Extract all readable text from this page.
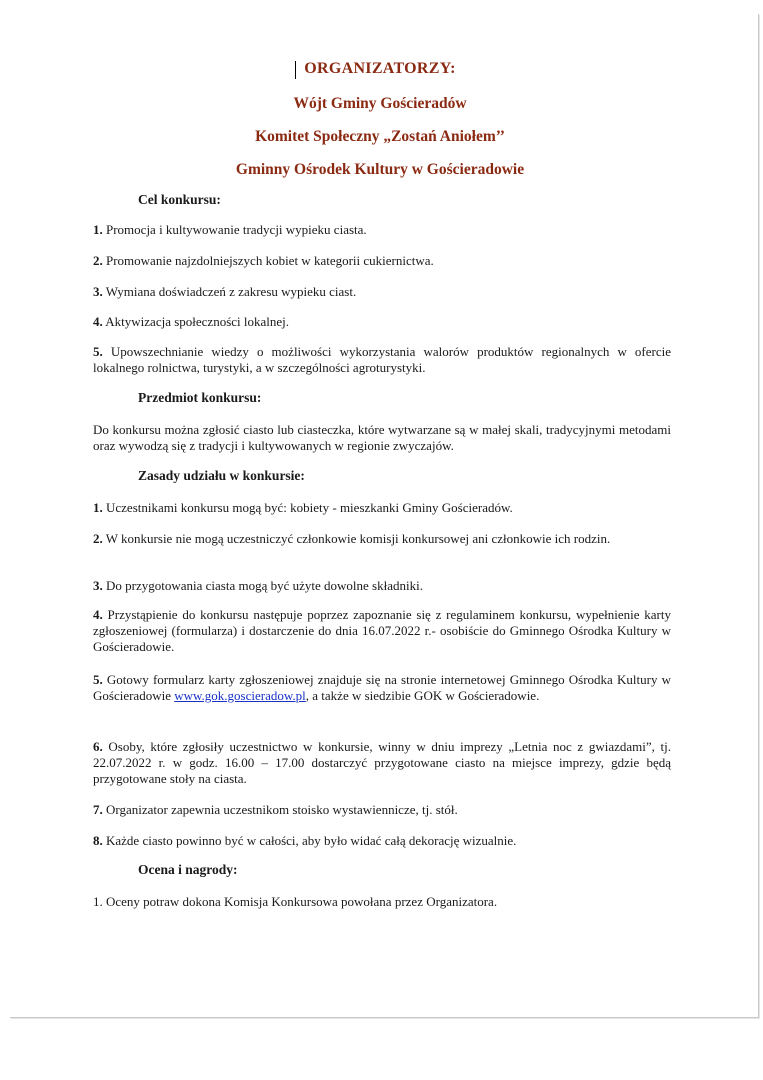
ORGANIZATORZY:
Wójt Gminy Gościeradów
Komitet Społeczny „Zostań Aniołem’’
Gminny Ośrodek Kultury w Gościeradowie
Cel konkursu:
1. Promocja i kultywowanie tradycji wypieku ciasta.
2. Promowanie najzdolniejszych kobiet w kategorii cukiernictwa.
3. Wymiana doświadczeń z zakresu wypieku ciast.
4. Aktywizacja społeczności lokalnej.
5. Upowszechnianie wiedzy o możliwości wykorzystania walorów produktów regionalnych w ofercie lokalnego rolnictwa, turystyki, a w szczególności agroturystyki.
Przedmiot konkursu:
Do konkursu można zgłosić ciasto lub ciasteczka, które wytwarzane są w małej skali, tradycyjnymi metodami oraz wywodzą się z tradycji i kultywowanych w regionie zwyczajów.
Zasady udziału w konkursie:
1. Uczestnikami konkursu mogą być: kobiety - mieszkanki Gminy Gościeradów.
2. W konkursie nie mogą uczestniczyć członkowie komisji konkursowej ani członkowie ich rodzin.
3. Do przygotowania ciasta mogą być użyte dowolne składniki.
4. Przystąpienie do konkursu następuje poprzez zapoznanie się z regulaminem konkursu, wypełnienie karty zgłoszeniowej (formularza) i dostarczenie do dnia 16.07.2022 r.- osobiście do Gminnego Ośrodka Kultury w Gościeradowie.
5. Gotowy formularz karty zgłoszeniowej znajduje się na stronie internetowej Gminnego Ośrodka Kultury w Gościeradowie www.gok.goscieradow.pl, a także w siedzibie GOK w Gościeradowie.
6. Osoby, które zgłosiły uczestnictwo w konkursie, winny w dniu imprezy „Letnia noc z gwiazdami”, tj. 22.07.2022 r. w godz. 16.00 – 17.00 dostarczyć przygotowane ciasto na miejsce imprezy, gdzie będą przygotowane stoły na ciasta.
7. Organizator zapewnia uczestnikom stoisko wystawiennicze, tj. stół.
8. Każde ciasto powinno być w całości, aby było widać całą dekorację wizualnie.
Ocena i nagrody:
1. Oceny potraw dokona Komisja Konkursowa powołana przez Organizatora.
